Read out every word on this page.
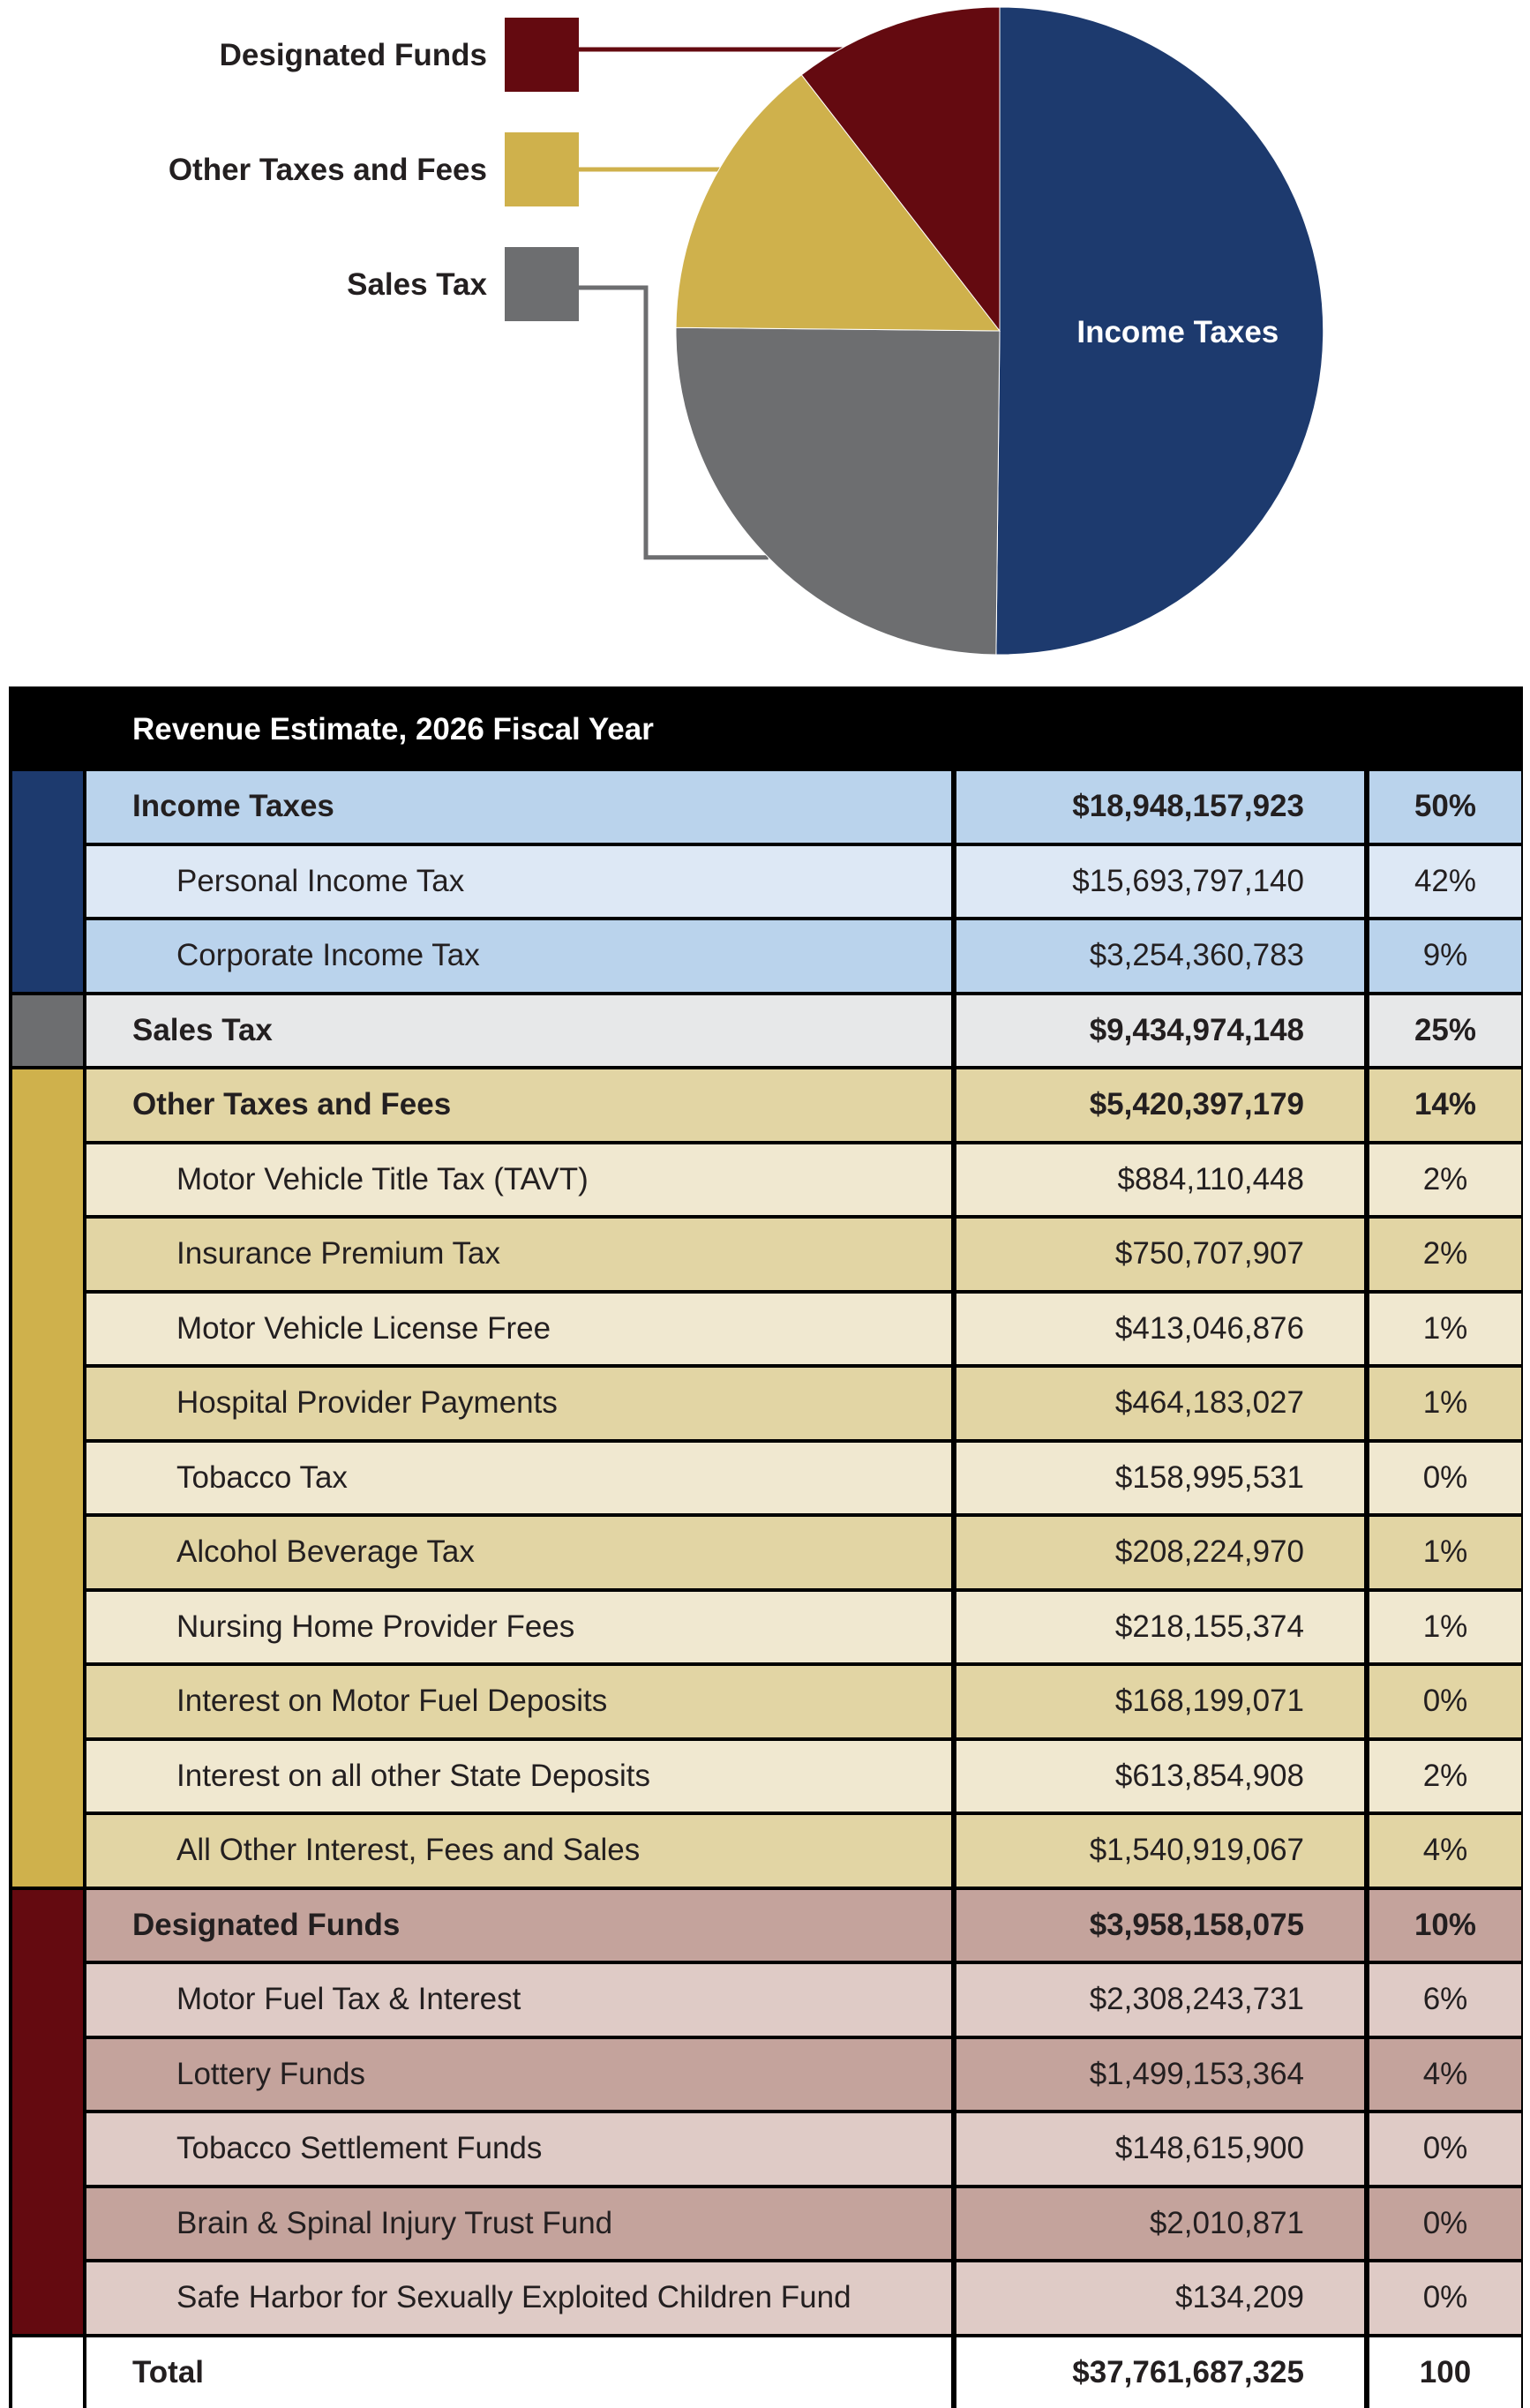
Income Taxes
Designated Funds
Other Taxes and Fees
Sales Tax
Revenue Estimate, 2026 Fiscal Year
Income Taxes	$18,948,157,923	50%
Personal Income Tax	$15,693,797,140	42%
Corporate Income Tax	$3,254,360,783	9%
Sales Tax	$9,434,974,148	25%
Other Taxes and Fees	$5,420,397,179	14%
Motor Vehicle Title Tax (TAVT)	$884,110,448	2%
Insurance Premium Tax	$750,707,907	2%
Motor Vehicle License Free	$413,046,876	1%
Hospital Provider Payments	$464,183,027	1%
Tobacco Tax	$158,995,531	0%
Alcohol Beverage Tax	$208,224,970	1%
Nursing Home Provider Fees	$218,155,374	1%
Interest on Motor Fuel Deposits	$168,199,071	0%
Interest on all other State Deposits	$613,854,908	2%
All Other Interest, Fees and Sales	$1,540,919,067	4%
Designated Funds	$3,958,158,075	10%
Motor Fuel Tax & Interest	$2,308,243,731	6%
Lottery Funds	$1,499,153,364	4%
Tobacco Settlement Funds	$148,615,900	0%
Brain & Spinal Injury Trust Fund	$2,010,871	0%
Safe Harbor for Sexually Exploited Children Fund	$134,209	0%
Total	$37,761,687,325	100
